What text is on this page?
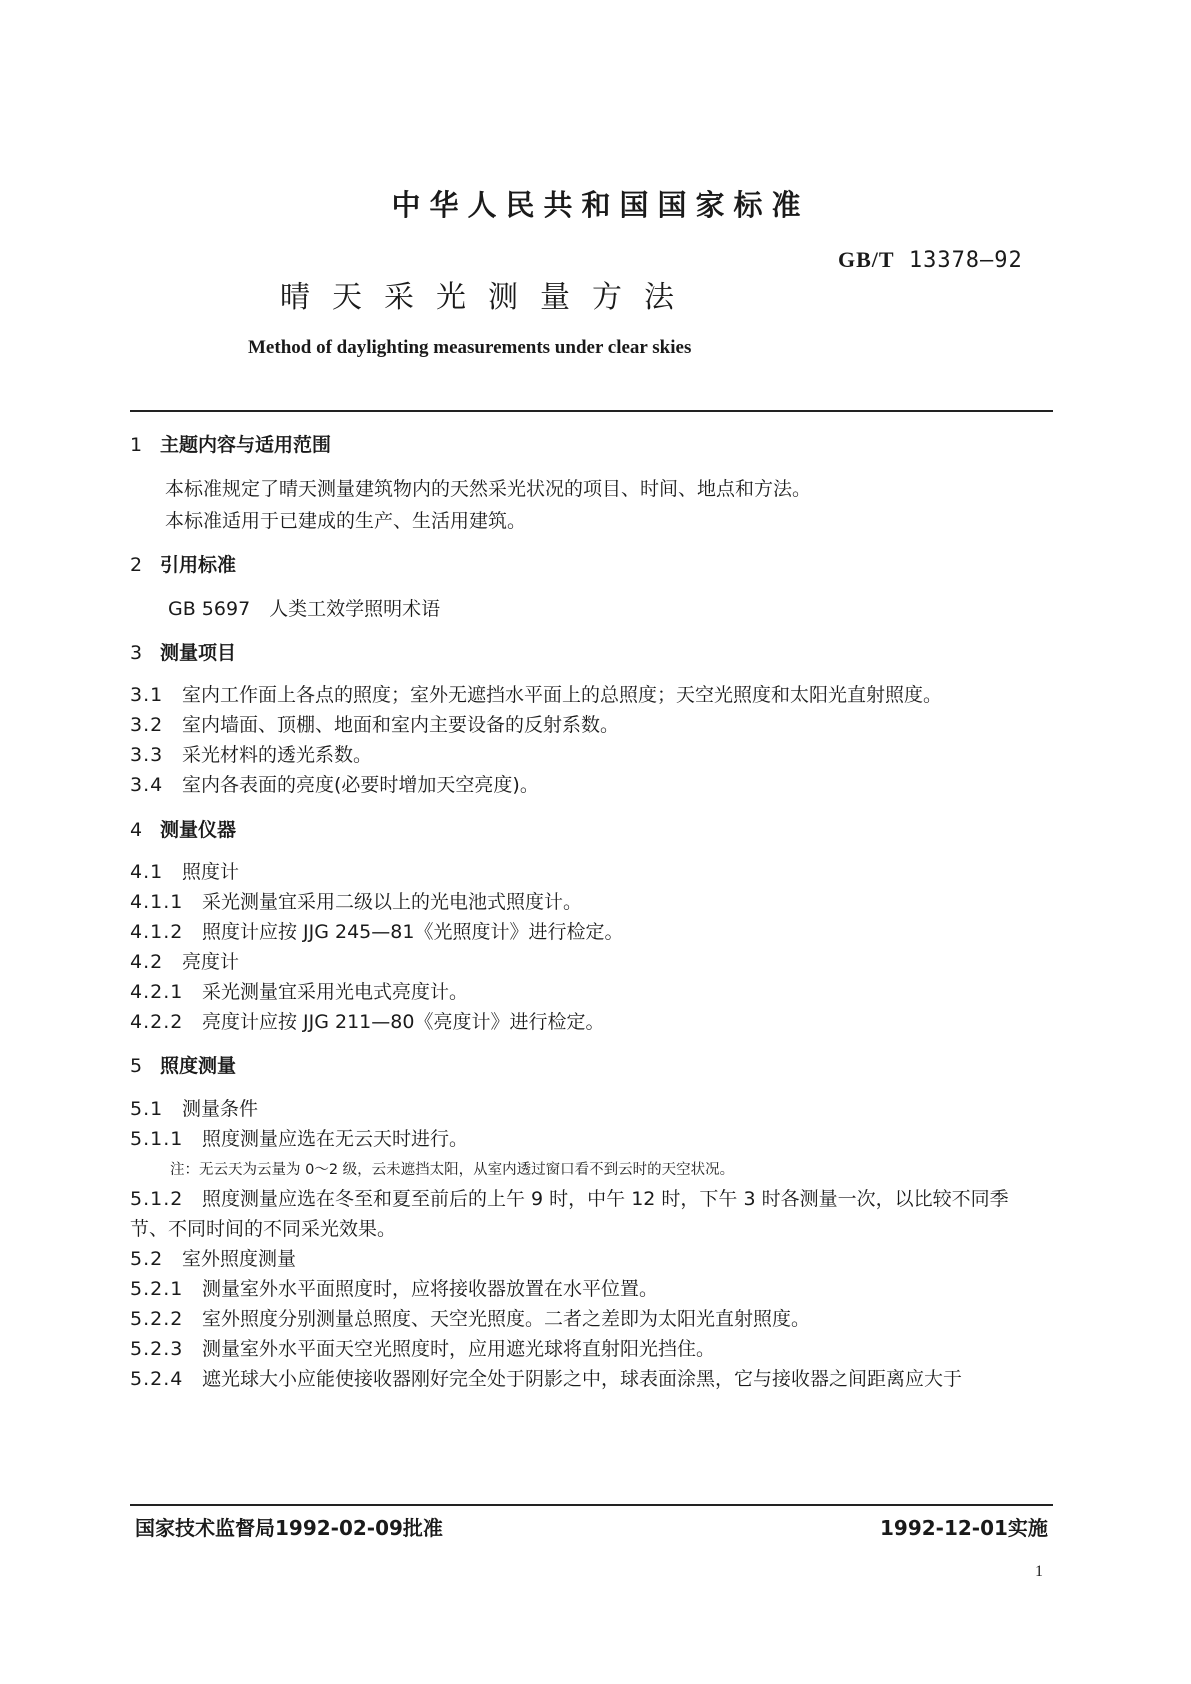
中华人民共和国国家标准
GB/T 13378—92
晴天采光测量方法
Method of daylighting measurements under clear skies
1 主题内容与适用范围
本标准规定了晴天测量建筑物内的天然采光状况的项目、时间、地点和方法。
本标准适用于已建成的生产、生活用建筑。
2 引用标准
GB 5697　人类工效学照明术语
3 测量项目
3.1 室内工作面上各点的照度；室外无遮挡水平面上的总照度；天空光照度和太阳光直射照度。
3.2 室内墙面、顶棚、地面和室内主要设备的反射系数。
3.3 采光材料的透光系数。
3.4 室内各表面的亮度(必要时增加天空亮度)。
4 测量仪器
4.1 照度计
4.1.1 采光测量宜采用二级以上的光电池式照度计。
4.1.2 照度计应按 JJG 245—81《光照度计》进行检定。
4.2 亮度计
4.2.1 采光测量宜采用光电式亮度计。
4.2.2 亮度计应按 JJG 211—80《亮度计》进行检定。
5 照度测量
5.1 测量条件
5.1.1 照度测量应选在无云天时进行。
注：无云天为云量为 0～2 级，云未遮挡太阳，从室内透过窗口看不到云时的天空状况。
5.1.2 照度测量应选在冬至和夏至前后的上午 9 时，中午 12 时，下午 3 时各测量一次，以比较不同季
节、不同时间的不同采光效果。
5.2 室外照度测量
5.2.1 测量室外水平面照度时，应将接收器放置在水平位置。
5.2.2 室外照度分别测量总照度、天空光照度。二者之差即为太阳光直射照度。
5.2.3 测量室外水平面天空光照度时，应用遮光球将直射阳光挡住。
5.2.4 遮光球大小应能使接收器刚好完全处于阴影之中，球表面涂黑，它与接收器之间距离应大于
国家技术监督局1992-02-09批准	1992-12-01实施
1
